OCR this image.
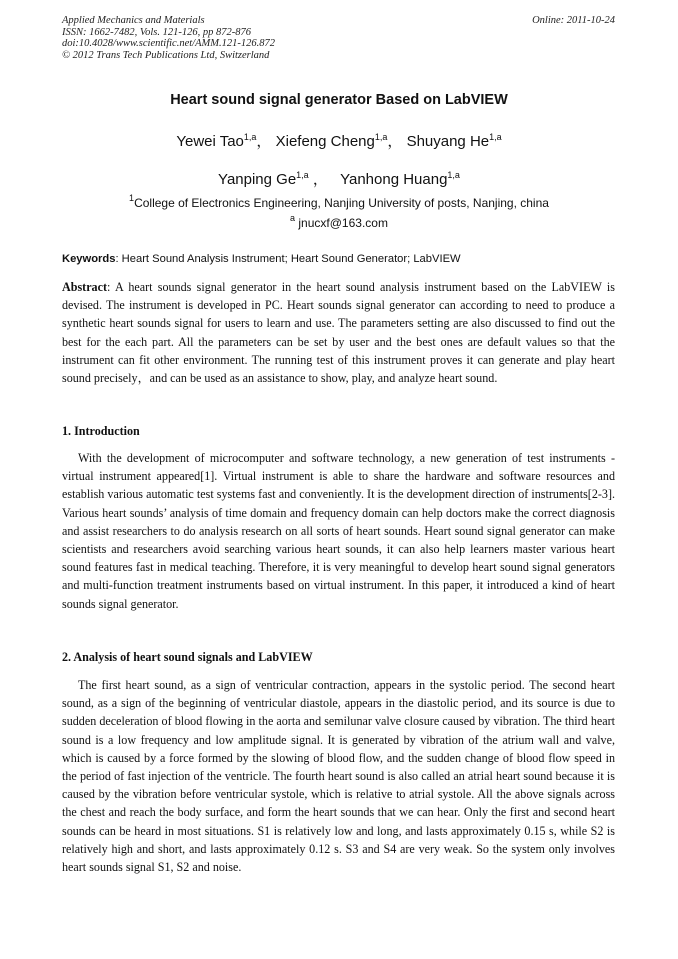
Applied Mechanics and Materials
ISSN: 1662-7482, Vols. 121-126, pp 872-876
doi:10.4028/www.scientific.net/AMM.121-126.872
© 2012 Trans Tech Publications Ltd, Switzerland
Online: 2011-10-24
Heart sound signal generator Based on LabVIEW
Yewei Tao$^{1,a}$， Xiefeng Cheng$^{1,a}$， Shuyang He$^{1,a}$
Yanping Ge$^{1,a}$ ， Yanhong Huang$^{1,a}$
$^1$College of Electronics Engineering, Nanjing University of posts, Nanjing, china
$^a$ jnucxf@163.com
Keywords: Heart Sound Analysis Instrument; Heart Sound Generator; LabVIEW
Abstract: A heart sounds signal generator in the heart sound analysis instrument based on the LabVIEW is devised. The instrument is developed in PC. Heart sounds signal generator can according to need to produce a synthetic heart sounds signal for users to learn and use. The parameters setting are also discussed to find out the best for the each part. All the parameters can be set by user and the best ones are default values so that the instrument can fit other environment. The running test of this instrument proves it can generate and play heart sound precisely，and can be used as an assistance to show, play, and analyze heart sound.
1. Introduction
With the development of microcomputer and software technology, a new generation of test instruments - virtual instrument appeared[1]. Virtual instrument is able to share the hardware and software resources and establish various automatic test systems fast and conveniently. It is the development direction of instruments[2-3]. Various heart sounds’ analysis of time domain and frequency domain can help doctors make the correct diagnosis and assist researchers to do analysis research on all sorts of heart sounds. Heart sound signal generator can make scientists and researchers avoid searching various heart sounds, it can also help learners master various heart sound features fast in medical teaching. Therefore, it is very meaningful to develop heart sound signal generators and multi-function treatment instruments based on virtual instrument. In this paper, it introduced a kind of heart sounds signal generator.
2. Analysis of heart sound signals and LabVIEW
The first heart sound, as a sign of ventricular contraction, appears in the systolic period. The second heart sound, as a sign of the beginning of ventricular diastole, appears in the diastolic period, and its source is due to sudden deceleration of blood flowing in the aorta and semilunar valve closure caused by vibration. The third heart sound is a low frequency and low amplitude signal. It is generated by vibration of the atrium wall and valve, which is caused by a force formed by the slowing of blood flow, and the sudden change of blood flow speed in the period of fast injection of the ventricle. The fourth heart sound is also called an atrial heart sound because it is caused by the vibration before ventricular systole, which is relative to atrial systole. All the above signals across the chest and reach the body surface, and form the heart sounds that we can hear. Only the first and second heart sounds can be heard in most situations. S1 is relatively low and long, and lasts approximately 0.15 s, while S2 is relatively high and short, and lasts approximately 0.12 s. S3 and S4 are very weak. So the system only involves heart sounds signal S1, S2 and noise.
